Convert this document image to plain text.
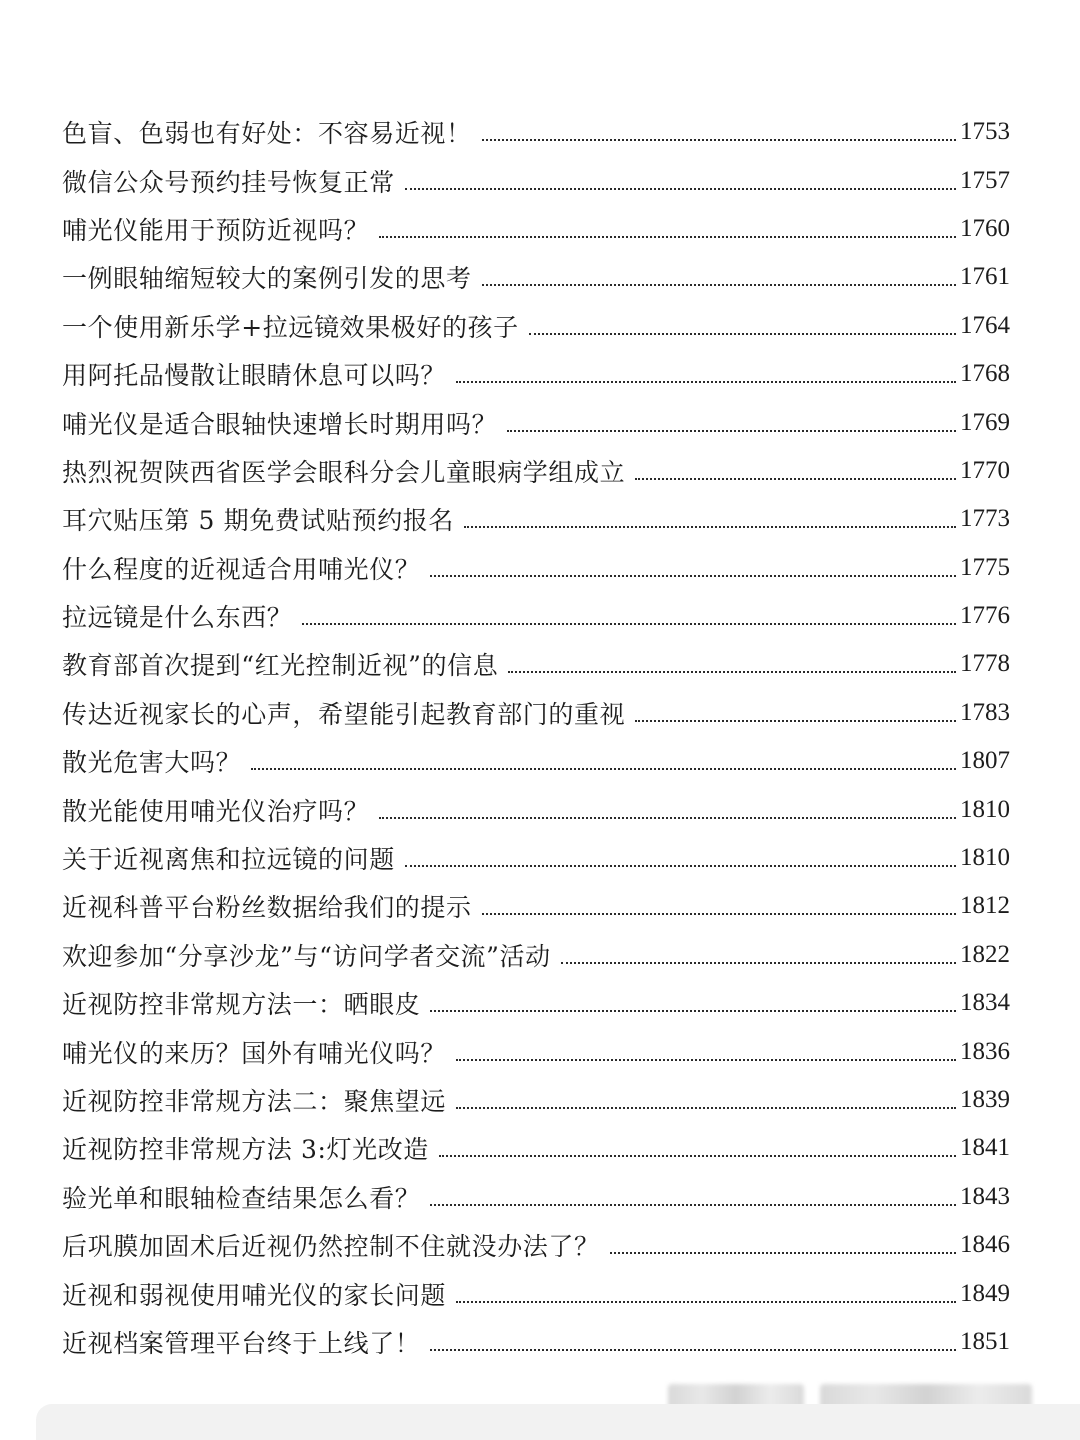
色盲、色弱也有好处：不容易近视！	1753
微信公众号预约挂号恢复正常	1757
哺光仪能用于预防近视吗？	1760
一例眼轴缩短较大的案例引发的思考	1761
一个使用新乐学+拉远镜效果极好的孩子	1764
用阿托品慢散让眼睛休息可以吗？	1768
哺光仪是适合眼轴快速增长时期用吗？	1769
热烈祝贺陕西省医学会眼科分会儿童眼病学组成立	1770
耳穴贴压第 5 期免费试贴预约报名	1773
什么程度的近视适合用哺光仪？	1775
拉远镜是什么东西？	1776
教育部首次提到“红光控制近视”的信息	1778
传达近视家长的心声，希望能引起教育部门的重视	1783
散光危害大吗？	1807
散光能使用哺光仪治疗吗？	1810
关于近视离焦和拉远镜的问题	1810
近视科普平台粉丝数据给我们的提示	1812
欢迎参加“分享沙龙”与“访问学者交流”活动	1822
近视防控非常规方法一：晒眼皮	1834
哺光仪的来历？国外有哺光仪吗？	1836
近视防控非常规方法二：聚焦望远	1839
近视防控非常规方法 3:灯光改造	1841
验光单和眼轴检查结果怎么看？	1843
后巩膜加固术后近视仍然控制不住就没办法了？	1846
近视和弱视使用哺光仪的家长问题	1849
近视档案管理平台终于上线了！	1851
